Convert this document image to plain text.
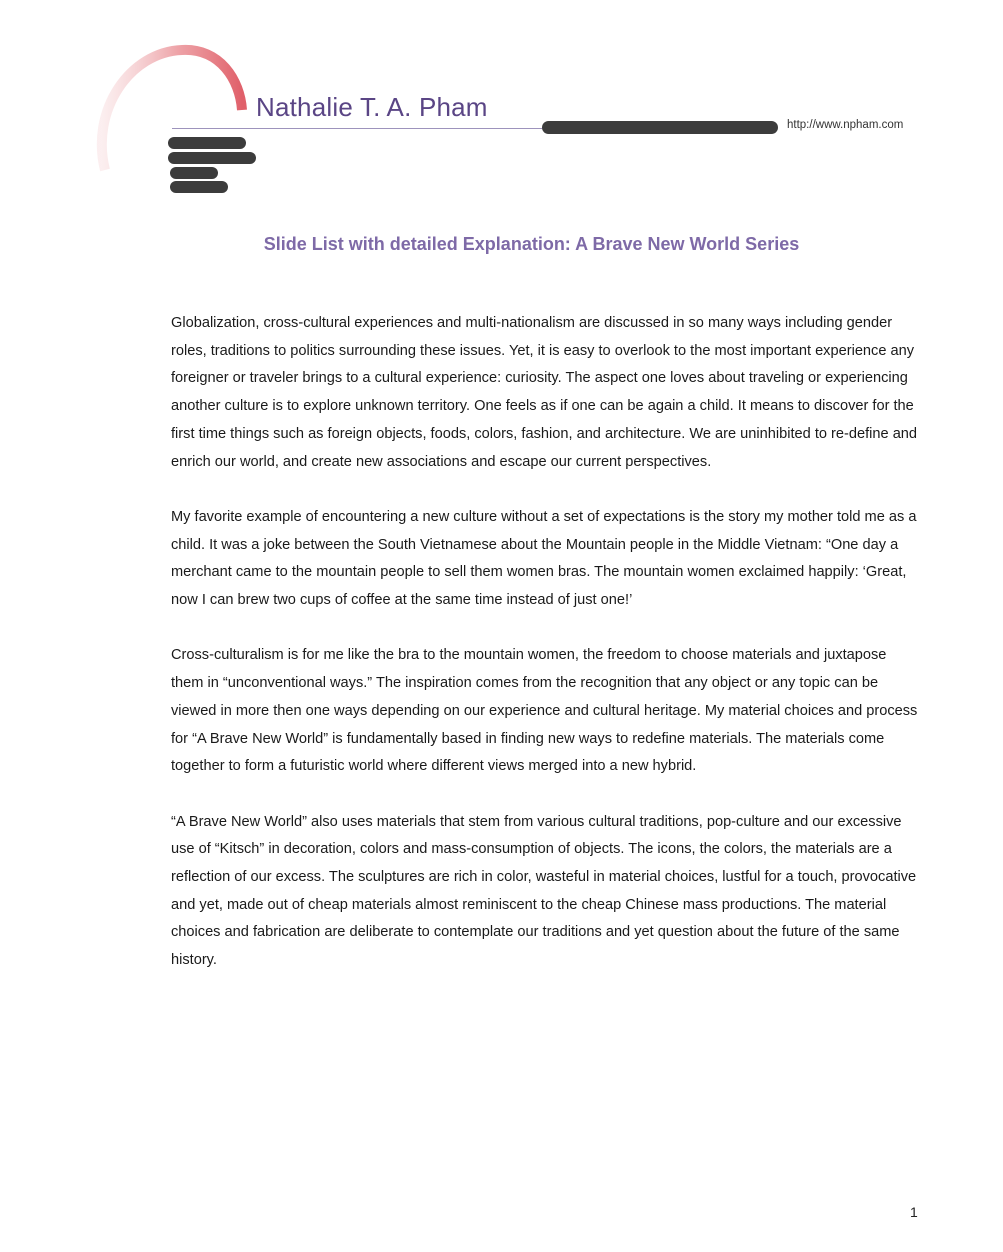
Nathalie T. A. Pham
http://www.npham.com
Slide List with detailed Explanation: A Brave New World Series

Globalization, cross-cultural experiences and multi-nationalism are discussed in so many ways including gender roles, traditions to politics surrounding these issues. Yet, it is easy to overlook to the most important experience any foreigner or traveler brings to a cultural experience: curiosity. The aspect one loves about traveling or experiencing another culture is to explore unknown territory. One feels as if one can be again a child. It means to discover for the first time things such as foreign objects, foods, colors, fashion, and architecture. We are uninhibited to re-define and enrich our world, and create new associations and escape our current perspectives.

My favorite example of encountering a new culture without a set of expectations is the story my mother told me as a child. It was a joke between the South Vietnamese about the Mountain people in the Middle Vietnam: “One day a merchant came to the mountain people to sell them women bras. The mountain women exclaimed happily: ‘Great, now I can brew two cups of coffee at the same time instead of just one!’

Cross-culturalism is for me like the bra to the mountain women, the freedom to choose materials and juxtapose them in “unconventional ways.” The inspiration comes from the recognition that any object or any topic can be viewed in more then one ways depending on our experience and cultural heritage. My material choices and process for “A Brave New World” is fundamentally based in finding new ways to redefine materials. The materials come together to form a futuristic world where different views merged into a new hybrid.

“A Brave New World” also uses materials that stem from various cultural traditions, pop-culture and our excessive use of “Kitsch” in decoration, colors and mass-consumption of objects. The icons, the colors, the materials are a reflection of our excess. The sculptures are rich in color, wasteful in material choices, lustful for a touch, provocative and yet, made out of cheap materials almost reminiscent to the cheap Chinese mass productions. The material choices and fabrication are deliberate to contemplate our traditions and yet question about the future of the same history.

1
